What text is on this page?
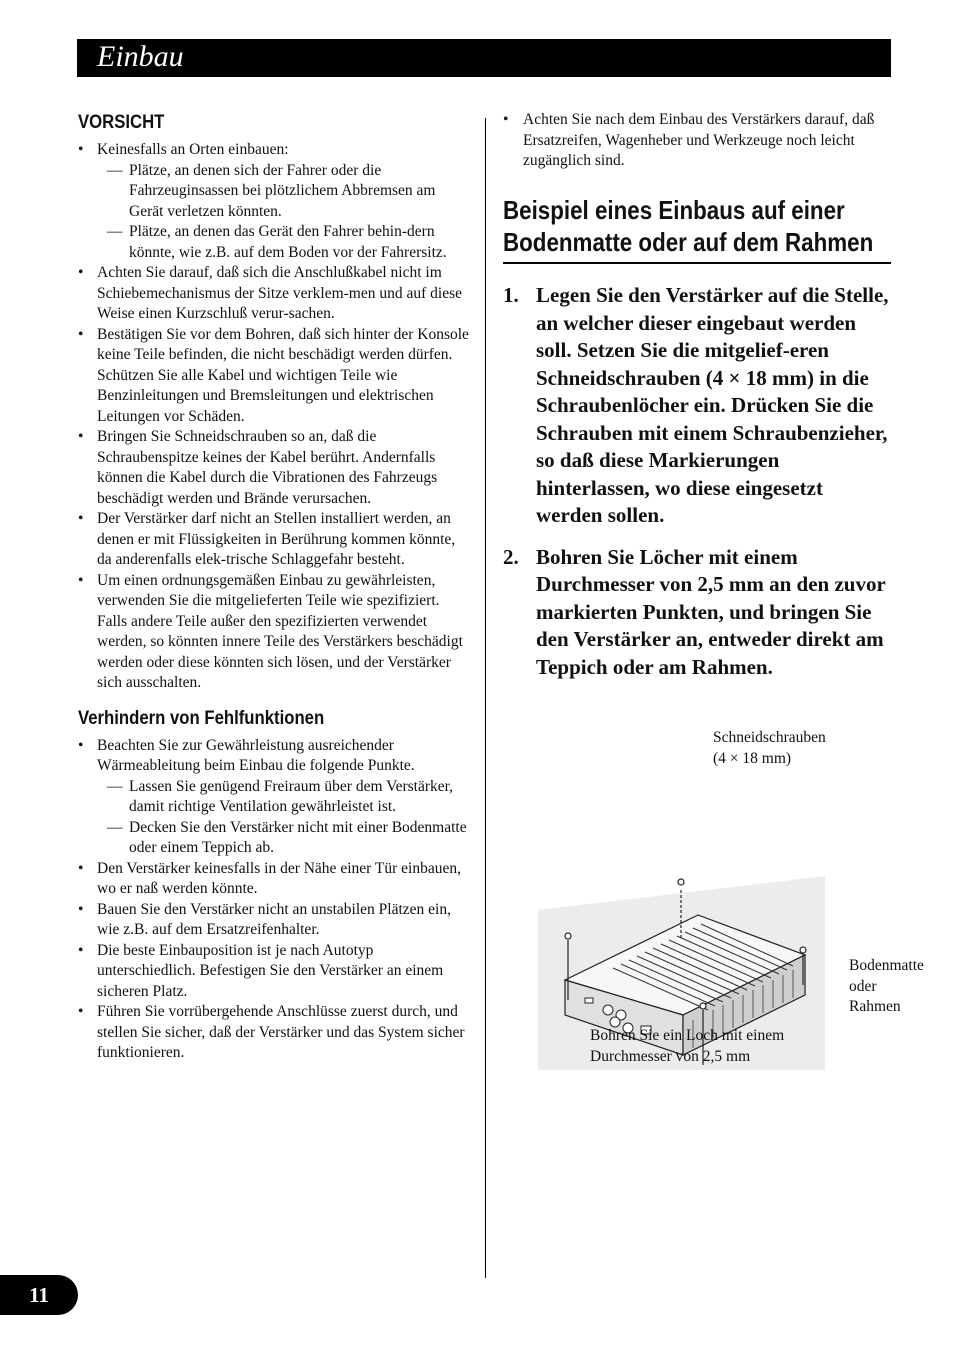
Einbau
VORSICHT
• Keinesfalls an Orten einbauen:
— Plätze, an denen sich der Fahrer oder die Fahrzeuginsassen bei plötzlichem Abbremsen am Gerät verletzen könnten.
— Plätze, an denen das Gerät den Fahrer behin-dern könnte, wie z.B. auf dem Boden vor der Fahrersitz.
• Achten Sie darauf, daß sich die Anschlußkabel nicht im Schiebemechanismus der Sitze verklem-men und auf diese Weise einen Kurzschluß verur-sachen.
• Bestätigen Sie vor dem Bohren, daß sich hinter der Konsole keine Teile befinden, die nicht beschädigt werden dürfen. Schützen Sie alle Kabel und wichtigen Teile wie Benzinleitungen und Bremsleitungen und elektrischen Leitungen vor Schäden.
• Bringen Sie Schneidschrauben so an, daß die Schraubenspitze keines der Kabel berührt. Andernfalls können die Kabel durch die Vibrationen des Fahrzeugs beschädigt werden und Brände verursachen.
• Der Verstärker darf nicht an Stellen installiert werden, an denen er mit Flüssigkeiten in Berührung kommen könnte, da anderenfalls elek-trische Schlaggefahr besteht.
• Um einen ordnungsgemäßen Einbau zu gewährleisten, verwenden Sie die mitgelieferten Teile wie spezifiziert. Falls andere Teile außer den spezifizierten verwendet werden, so könnten innere Teile des Verstärkers beschädigt werden oder diese könnten sich lösen, und der Verstärker sich ausschalten.
Verhindern von Fehlfunktionen
• Beachten Sie zur Gewährleistung ausreichender Wärmeableitung beim Einbau die folgende Punkte.
— Lassen Sie genügend Freiraum über dem Verstärker, damit richtige Ventilation gewährleistet ist.
— Decken Sie den Verstärker nicht mit einer Bodenmatte oder einem Teppich ab.
• Den Verstärker keinesfalls in der Nähe einer Tür einbauen, wo er naß werden könnte.
• Bauen Sie den Verstärker nicht an unstabilen Plätzen ein, wie z.B. auf dem Ersatzreifenhalter.
• Die beste Einbauposition ist je nach Autotyp unterschiedlich. Befestigen Sie den Verstärker an einem sicheren Platz.
• Führen Sie vorrübergehende Anschlüsse zuerst durch, und stellen Sie sicher, daß der Verstärker und das System sicher funktionieren.
• Achten Sie nach dem Einbau des Verstärkers darauf, daß Ersatzreifen, Wagenheber und Werkzeuge noch leicht zugänglich sind.
Beispiel eines Einbaus auf einer
Bodenmatte oder auf dem Rahmen
1. Legen Sie den Verstärker auf die Stelle, an welcher dieser eingebaut werden soll. Setzen Sie die mitgelief-eren Schneidschrauben (4 × 18 mm) in die Schraubenlöcher ein. Drücken Sie die Schrauben mit einem Schraubenzieher, so daß diese Markierungen hinterlassen, wo diese eingesetzt werden sollen.
2. Bohren Sie Löcher mit einem Durchmesser von 2,5 mm an den zuvor markierten Punkten, und bringen Sie den Verstärker an, entweder direkt am Teppich oder am Rahmen.
Schneidschrauben
(4 × 18 mm)
Bodenmatte
oder
Rahmen
Bohren Sie ein Loch mit einem
Durchmesser von 2,5 mm
11
